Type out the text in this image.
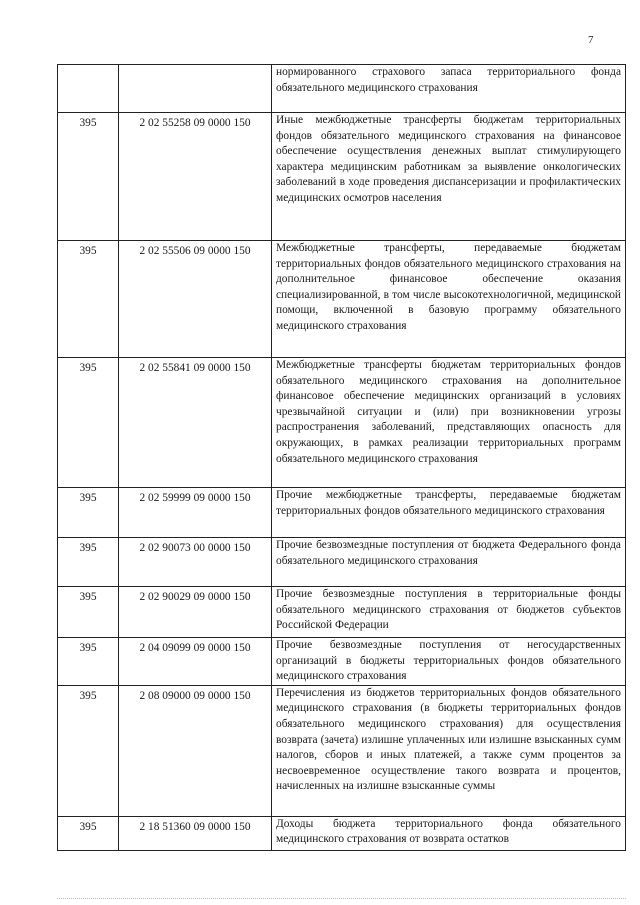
7

		нормированного страхового запаса территориального фонда обязательного медицинского страхования

395	2 02 55258 09 0000 150	Иные межбюджетные трансферты бюджетам территориальных фондов обязательного медицинского страхования на финансовое обеспечение осуществления денежных выплат стимулирующего характера медицинским работникам за выявление онкологических заболеваний в ходе проведения диспансеризации и профилактических медицинских осмотров населения

395	2 02 55506 09 0000 150	Межбюджетные трансферты, передаваемые бюджетам территориальных фондов обязательного медицинского страхования на дополнительное финансовое обеспечение оказания специализированной, в том числе высокотехнологичной, медицинской помощи, включенной в базовую программу обязательного медицинского страхования

395	2 02 55841 09 0000 150	Межбюджетные трансферты бюджетам территориальных фондов обязательного медицинского страхования на дополнительное финансовое обеспечение медицинских организаций в условиях чрезвычайной ситуации и (или) при возникновении угрозы распространения заболеваний, представляющих опасность для окружающих, в рамках реализации территориальных программ обязательного медицинского страхования

395	2 02 59999 09 0000 150	Прочие межбюджетные трансферты, передаваемые бюджетам территориальных фондов обязательного медицинского страхования

395	2 02 90073 00 0000 150	Прочие безвозмездные поступления от бюджета Федерального фонда обязательного медицинского страхования

395	2 02 90029 09 0000 150	Прочие безвозмездные поступления в территориальные фонды обязательного медицинского страхования от бюджетов субъектов Российской Федерации

395	2 04 09099 09 0000 150	Прочие безвозмездные поступления от негосударственных организаций в бюджеты территориальных фондов обязательного медицинского страхования

395	2 08 09000 09 0000 150	Перечисления из бюджетов территориальных фондов обязательного медицинского страхования (в бюджеты территориальных фондов обязательного медицинского страхования) для осуществления возврата (зачета) излишне уплаченных или излишне взысканных сумм налогов, сборов и иных платежей, а также сумм процентов за несвоевременное осуществление такого возврата и процентов, начисленных на излишне взысканные суммы

395	2 18 51360 09 0000 150	Доходы бюджета территориального фонда обязательного медицинского страхования от возврата остатков
